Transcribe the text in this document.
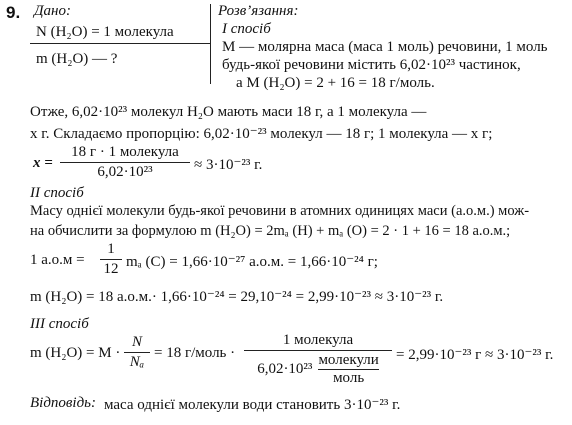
9. Дано:
N (H₂O) = 1 молекула
m (H₂O) — ?
Розв’язання:
I спосіб
M — молярна маса (маса 1 моль) речовини, 1 моль
будь-якої речовини містить 6,02·10²³ частинок,
а M (H₂O) = 2 + 16 = 18 г/моль.
Отже, 6,02·10²³ молекул H₂O мають маси 18 г, а 1 молекула —
x г. Складаємо пропорцію: 6,02·10⁻²³ молекул — 18 г; 1 молекула — x г;
x =
18 г · 1 молекула
6,02·10²³	≈ 3·10⁻²³ г.
II спосіб
Масу однієї молекули будь-якої речовини в атомних одиницях маси (а.о.м.) мож-
на обчислити за формулою m (H₂O) = 2mₐ (H) + mₐ (O) = 2 · 1 + 16 = 18 а.о.м.;
1 а.о.м =
1
12 mₐ (C) = 1,66·10⁻²⁷ а.о.м. = 1,66·10⁻²⁴ г;
m (H₂O) = 18 а.о.м.· 1,66·10⁻²⁴ = 29,10⁻²⁴ = 2,99·10⁻²³ ≈ 3·10⁻²³ г.
III спосіб
m (H₂O) = M ·
N
Nₐ
= 18 г/моль ·
1 молекула
6,02·10²³
молекули
моль
= 2,99·10⁻²³ г ≈ 3·10⁻²³ г.
Відповідь: маса однієї молекули води становить 3·10⁻²³ г.
